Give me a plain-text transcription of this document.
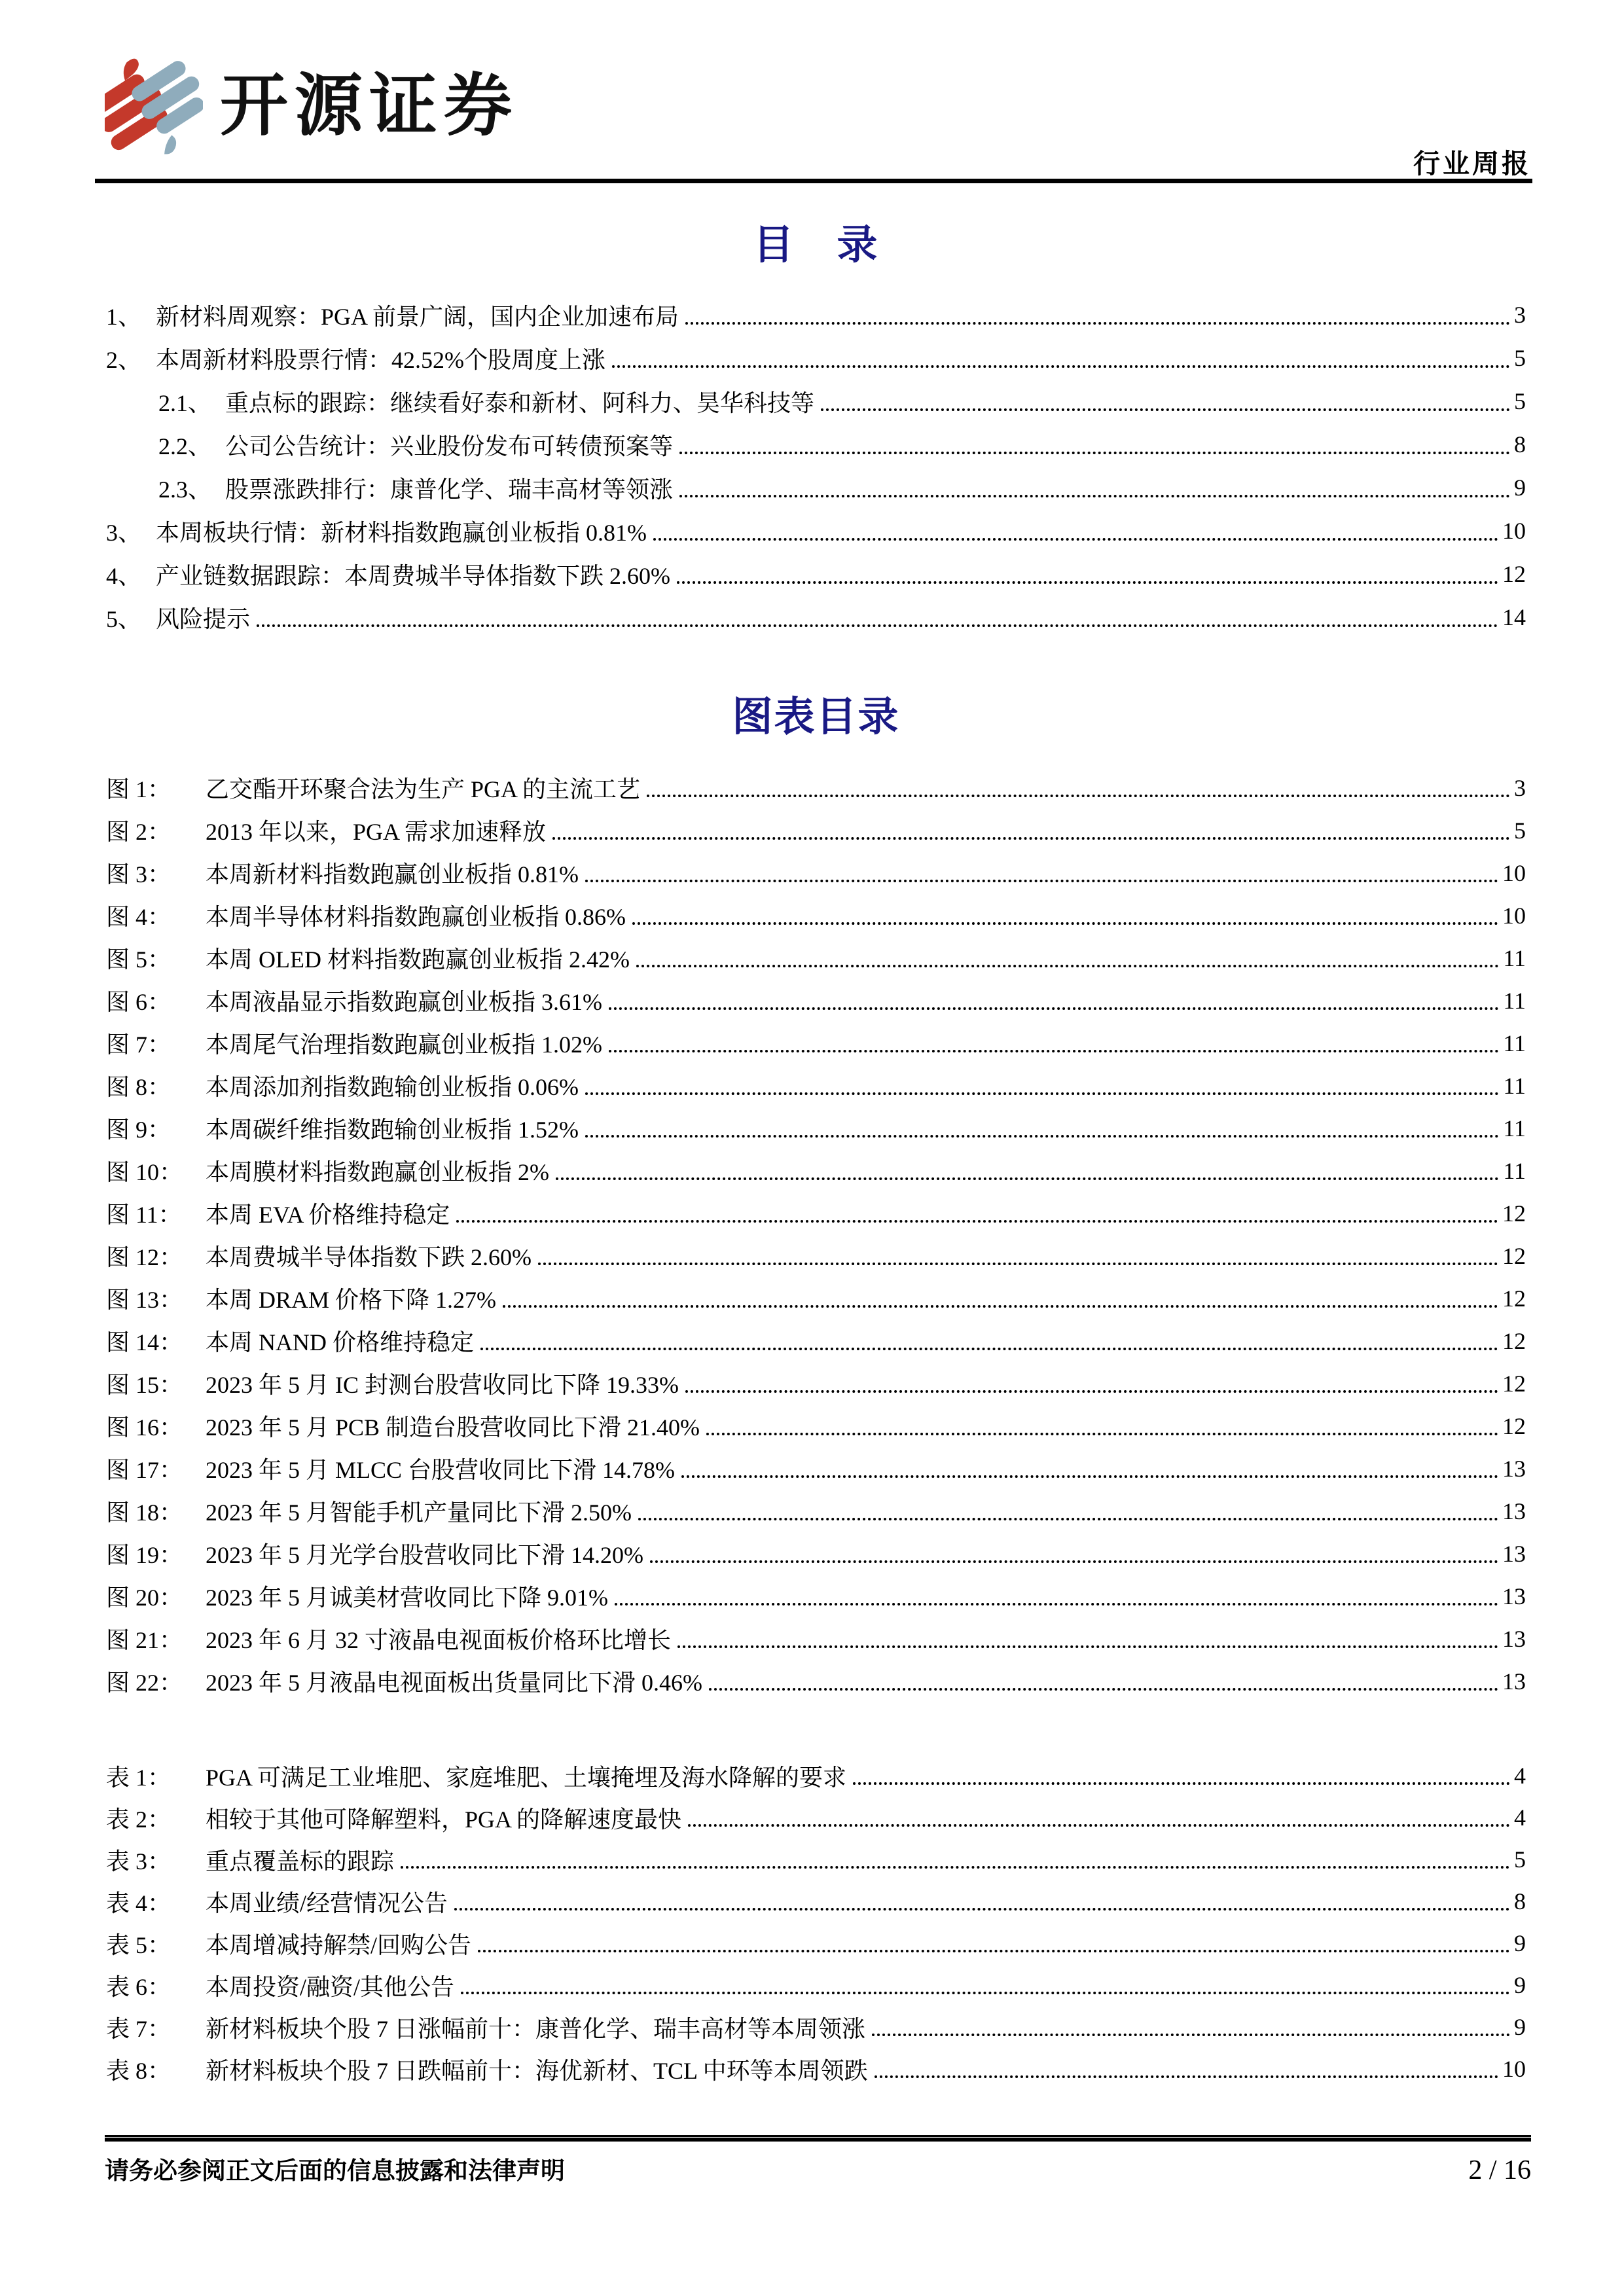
开源证券
行业周报
目　录
1、 新材料周观察：PGA 前景广阔，国内企业加速布局	3
2、 本周新材料股票行情：42.52%个股周度上涨	5
2.1、 重点标的跟踪：继续看好泰和新材、阿科力、昊华科技等	5
2.2、 公司公告统计：兴业股份发布可转债预案等	8
2.3、 股票涨跌排行：康普化学、瑞丰高材等领涨	9
3、 本周板块行情：新材料指数跑赢创业板指 0.81%	10
4、 产业链数据跟踪：本周费城半导体指数下跌 2.60%	12
5、 风险提示	14
图表目录
图 1：	乙交酯开环聚合法为生产 PGA 的主流工艺	3
图 2：	2013 年以来，PGA 需求加速释放	5
图 3：	本周新材料指数跑赢创业板指 0.81%	10
图 4：	本周半导体材料指数跑赢创业板指 0.86%	10
图 5：	本周 OLED 材料指数跑赢创业板指 2.42%	11
图 6：	本周液晶显示指数跑赢创业板指 3.61%	11
图 7：	本周尾气治理指数跑赢创业板指 1.02%	11
图 8：	本周添加剂指数跑输创业板指 0.06%	11
图 9：	本周碳纤维指数跑输创业板指 1.52%	11
图 10： 本周膜材料指数跑赢创业板指 2%	11
图 11：	本周 EVA 价格维持稳定	12
图 12： 本周费城半导体指数下跌 2.60%	12
图 13： 本周 DRAM 价格下降 1.27%	12
图 14： 本周 NAND 价格维持稳定	12
图 15： 2023 年 5 月 IC 封测台股营收同比下降 19.33%	12
图 16： 2023 年 5 月 PCB 制造台股营收同比下滑 21.40%	12
图 17： 2023 年 5 月 MLCC 台股营收同比下滑 14.78%	13
图 18： 2023 年 5 月智能手机产量同比下滑 2.50%	13
图 19： 2023 年 5 月光学台股营收同比下滑 14.20%	13
图 20： 2023 年 5 月诚美材营收同比下降 9.01%	13
图 21： 2023 年 6 月 32 寸液晶电视面板价格环比增长	13
图 22： 2023 年 5 月液晶电视面板出货量同比下滑 0.46%	13
表 1：	PGA 可满足工业堆肥、家庭堆肥、土壤掩埋及海水降解的要求	4
表 2：	相较于其他可降解塑料，PGA 的降解速度最快	4
表 3：	重点覆盖标的跟踪	5
表 4：	本周业绩/经营情况公告	8
表 5：	本周增减持解禁/回购公告	9
表 6：	本周投资/融资/其他公告	9
表 7：	新材料板块个股 7 日涨幅前十：康普化学、瑞丰高材等本周领涨	9
表 8：	新材料板块个股 7 日跌幅前十：海优新材、TCL 中环等本周领跌	10
请务必参阅正文后面的信息披露和法律声明	2 / 16
